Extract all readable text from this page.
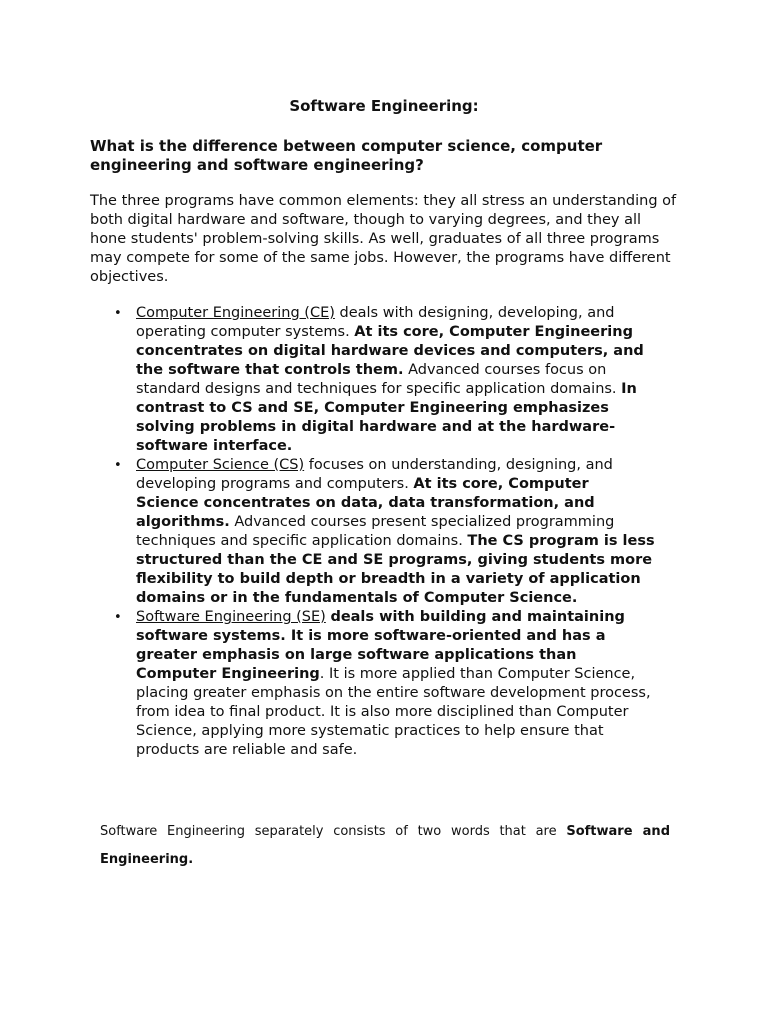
Software Engineering:
What is the difference between computer science, computer engineering and software engineering?
The three programs have common elements: they all stress an understanding of both digital hardware and software, though to varying degrees, and they all hone students' problem-solving skills. As well, graduates of all three programs may compete for some of the same jobs. However, the programs have different objectives.
• Computer Engineering (CE) deals with designing, developing, and operating computer systems. At its core, Computer Engineering concentrates on digital hardware devices and computers, and the software that controls them. Advanced courses focus on standard designs and techniques for specific application domains. In contrast to CS and SE, Computer Engineering emphasizes solving problems in digital hardware and at the hardware-software interface.
• Computer Science (CS) focuses on understanding, designing, and developing programs and computers. At its core, Computer Science concentrates on data, data transformation, and algorithms. Advanced courses present specialized programming techniques and specific application domains. The CS program is less structured than the CE and SE programs, giving students more flexibility to build depth or breadth in a variety of application domains or in the fundamentals of Computer Science.
• Software Engineering (SE) deals with building and maintaining software systems. It is more software-oriented and has a greater emphasis on large software applications than Computer Engineering. It is more applied than Computer Science, placing greater emphasis on the entire software development process, from idea to final product. It is also more disciplined than Computer Science, applying more systematic practices to help ensure that products are reliable and safe.
Software Engineering separately consists of two words that are Software and Engineering.
